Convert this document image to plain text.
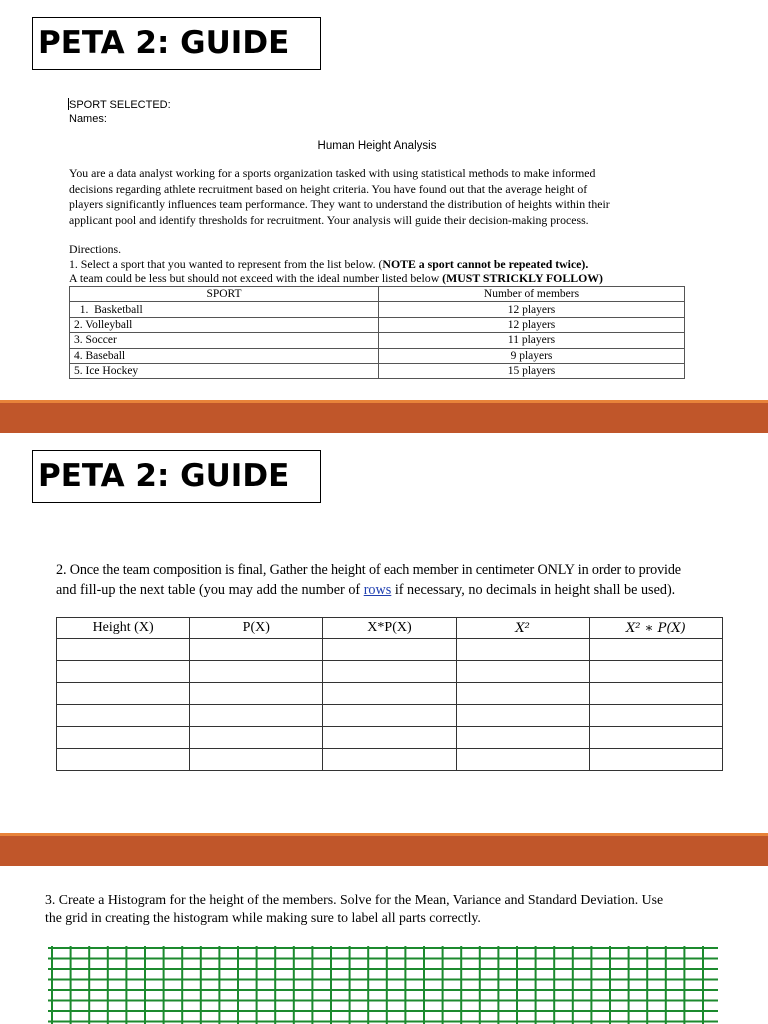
PETA 2: GUIDE
SPORT SELECTED:
Names:
Human Height Analysis
You are a data analyst working for a sports organization tasked with using statistical methods to make informed
decisions regarding athlete recruitment based on height criteria. You have found out that the average height of
players significantly influences team performance. They want to understand the distribution of heights within their
applicant pool and identify thresholds for recruitment. Your analysis will guide their decision-making process.
Directions.
1. Select a sport that you wanted to represent from the list below. (NOTE a sport cannot be repeated twice).
A team could be less but should not exceed with the ideal number listed below (MUST STRICKLY FOLLOW)
SPORT	Number of members
1.  Basketball	12 players
2. Volleyball	12 players
3. Soccer	11 players
4. Baseball	9 players
5. Ice Hockey	15 players
PETA 2: GUIDE
2. Once the team composition is final, Gather the height of each member in centimeter ONLY in order to provide
and fill-up the next table (you may add the number of rows if necessary, no decimals in height shall be used).
Height (X)	P(X)	X*P(X)	X²	X² ∗ P(X)

3. Create a Histogram for the height of the members. Solve for the Mean, Variance and Standard Deviation. Use
the grid in creating the histogram while making sure to label all parts correctly.
